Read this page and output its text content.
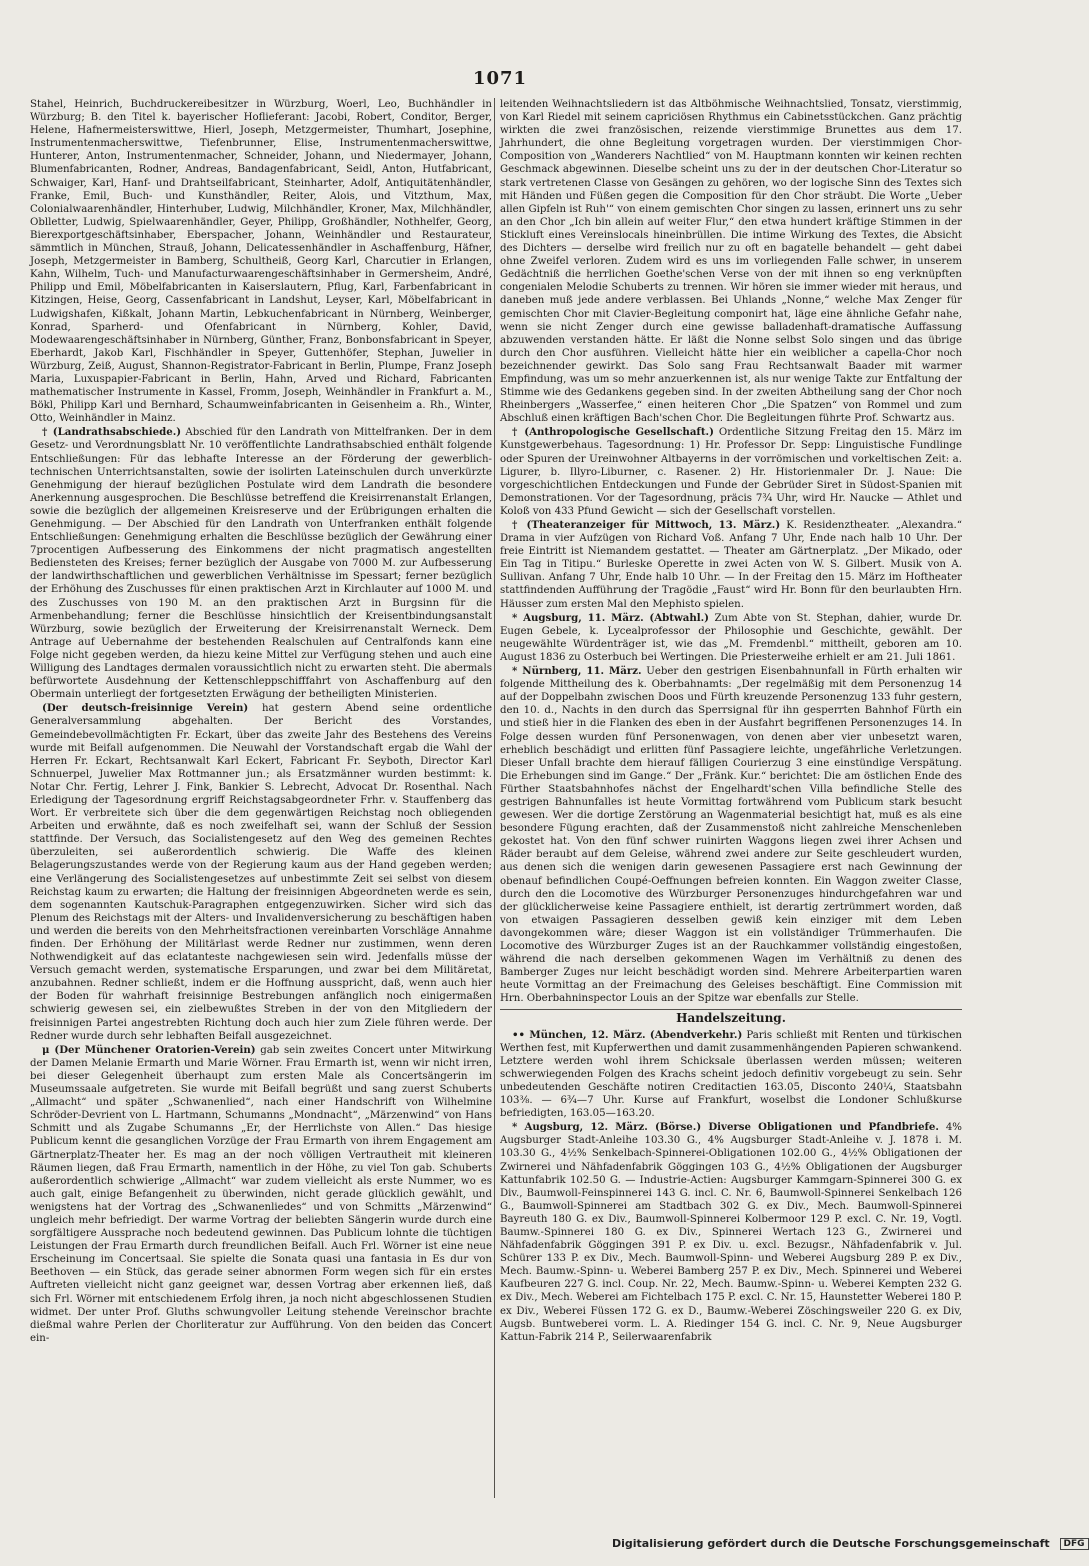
1071

Stahel, Heinrich, Buchdruckereibesitzer in Würzburg, Woerl, Leo, Buchhändler in Würzburg; B. den Titel k. bayerischer Hoflieferant: Jacobi, Robert, Conditor, Berger, Helene, Hafnermeisterswittwe, Hierl, Joseph, Metzgermeister, Thumhart, Josephine, Instrumentenmacherswittwe, Tiefenbrunner, Elise, Instrumentenmacherswittwe, Hunterer, Anton, Instrumentenmacher, Schneider, Johann, und Niedermayer, Johann, Blumenfabricanten, Rodner, Andreas, Bandagenfabricant, Seidl, Anton, Hutfabricant, Schwaiger, Karl, Hanf- und Drahtseilfabricant, Steinharter, Adolf, Antiquitätenhändler, Franke, Emil, Buch- und Kunsthändler, Reiter, Alois, und Vitzthum, Max, Colonialwaarenhändler, Hinterhuber, Ludwig, Milchhändler, Kroner, Max, Milchhändler, Oblletter, Ludwig, Spielwaarenhändler, Geyer, Philipp, Großhändler, Nothhelfer, Georg, Bierexportgeschäftsinhaber, Eberspacher, Johann, Weinhändler und Restaurateur, sämmtlich in München, Strauß, Johann, Delicatessenhändler in Aschaffenburg, Häfner, Joseph, Metzgermeister in Bamberg, Schultheiß, Georg Karl, Charcutier in Erlangen, Kahn, Wilhelm, Tuch- und Manufacturwaarengeschäftsinhaber in Germersheim, André, Philipp und Emil, Möbelfabricanten in Kaiserslautern, Pflug, Karl, Farbenfabricant in Kitzingen, Heise, Georg, Cassenfabricant in Landshut, Leyser, Karl, Möbelfabricant in Ludwigshafen, Kißkalt, Johann Martin, Lebkuchenfabricant in Nürnberg, Weinberger, Konrad, Sparherd- und Ofenfabricant in Nürnberg, Kohler, David, Modewaarengeschäftsinhaber in Nürnberg, Günther, Franz, Bonbonsfabricant in Speyer, Eberhardt, Jakob Karl, Fischhändler in Speyer, Guttenhöfer, Stephan, Juwelier in Würzburg, Zeiß, August, Shannon-Registrator-Fabricant in Berlin, Plumpe, Franz Joseph Maria, Luxuspapier-Fabricant in Berlin, Hahn, Arved und Richard, Fabricanten mathematischer Instrumente in Kassel, Fromm, Joseph, Weinhändler in Frankfurt a. M., Bökl, Philipp Karl und Bernhard, Schaumweinfabricanten in Geisenheim a. Rh., Winter, Otto, Weinhändler in Mainz.

† (Landrathsabschiede.) Abschied für den Landrath von Mittelfranken. Der in dem Gesetz- und Verordnungsblatt Nr. 10 veröffentlichte Landrathsabschied enthält folgende Entschließungen: Für das lebhafte Interesse an der Förderung der gewerblich-technischen Unterrichtsanstalten, sowie der isolirten Lateinschulen durch unverkürzte Genehmigung der hierauf bezüglichen Postulate wird dem Landrath die besondere Anerkennung ausgesprochen. Die Beschlüsse betreffend die Kreisirrenanstalt Erlangen, sowie die bezüglich der allgemeinen Kreisreserve und der Erübrigungen erhalten die Genehmigung. — Der Abschied für den Landrath von Unterfranken enthält folgende Entschließungen: Genehmigung erhalten die Beschlüsse bezüglich der Gewährung einer 7procentigen Aufbesserung des Einkommens der nicht pragmatisch angestellten Bediensteten des Kreises; ferner bezüglich der Ausgabe von 7000 M. zur Aufbesserung der landwirthschaftlichen und gewerblichen Verhältnisse im Spessart; ferner bezüglich der Erhöhung des Zuschusses für einen praktischen Arzt in Kirchlauter auf 1000 M. und des Zuschusses von 190 M. an den praktischen Arzt in Burgsinn für die Armenbehandlung; ferner die Beschlüsse hinsichtlich der Kreisentbindungsanstalt Würzburg, sowie bezüglich der Erweiterung der Kreisirrenanstalt Werneck. Dem Antrage auf Uebernahme der bestehenden Realschulen auf Centralfonds kann eine Folge nicht gegeben werden, da hiezu keine Mittel zur Verfügung stehen und auch eine Willigung des Landtages dermalen voraussichtlich nicht zu erwarten steht. Die abermals befürwortete Ausdehnung der Kettenschleppschifffahrt von Aschaffenburg auf den Obermain unterliegt der fortgesetzten Erwägung der betheiligten Ministerien.

(Der deutsch-freisinnige Verein) hat gestern Abend seine ordentliche Generalversammlung abgehalten. Der Bericht des Vorstandes, Gemeindebevollmächtigten Fr. Eckart, über das zweite Jahr des Bestehens des Vereins wurde mit Beifall aufgenommen. Die Neuwahl der Vorstandschaft ergab die Wahl der Herren Fr. Eckart, Rechtsanwalt Karl Eckert, Fabricant Fr. Seyboth, Director Karl Schnuerpel, Juwelier Max Rottmanner jun.; als Ersatzmänner wurden bestimmt: k. Notar Chr. Fertig, Lehrer J. Fink, Bankier S. Lebrecht, Advocat Dr. Rosenthal. Nach Erledigung der Tagesordnung ergriff Reichstagsabgeordneter Frhr. v. Stauffenberg das Wort. Er verbreitete sich über die dem gegenwärtigen Reichstag noch obliegenden Arbeiten und erwähnte, daß es noch zweifelhaft sei, wann der Schluß der Session stattfinde. Der Versuch, das Socialistengesetz auf den Weg des gemeinen Rechtes überzuleiten, sei außerordentlich schwierig. Die Waffe des kleinen Belagerungszustandes werde von der Regierung kaum aus der Hand gegeben werden; eine Verlängerung des Socialistengesetzes auf unbestimmte Zeit sei selbst von diesem Reichstag kaum zu erwarten; die Haltung der freisinnigen Abgeordneten werde es sein, dem sogenannten Kautschuk-Paragraphen entgegenzuwirken. Sicher wird sich das Plenum des Reichstags mit der Alters- und Invalidenversicherung zu beschäftigen haben und werden die bereits von den Mehrheitsfractionen vereinbarten Vorschläge Annahme finden. Der Erhöhung der Militärlast werde Redner nur zustimmen, wenn deren Nothwendigkeit auf das eclatanteste nachgewiesen sein wird. Jedenfalls müsse der Versuch gemacht werden, systematische Ersparungen, und zwar bei dem Militäretat, anzubahnen. Redner schließt, indem er die Hoffnung ausspricht, daß, wenn auch hier der Boden für wahrhaft freisinnige Bestrebungen anfänglich noch einigermaßen schwierig gewesen sei, ein zielbewußtes Streben in der von den Mitgliedern der freisinnigen Partei angestrebten Richtung doch auch hier zum Ziele führen werde. Der Redner wurde durch sehr lebhaften Beifall ausgezeichnet.

μ (Der Münchener Oratorien-Verein) gab sein zweites Concert unter Mitwirkung der Damen Melanie Ermarth und Marie Wörner. Frau Ermarth ist, wenn wir nicht irren, bei dieser Gelegenheit überhaupt zum ersten Male als Concertsängerin im Museumssaale aufgetreten. Sie wurde mit Beifall begrüßt und sang zuerst Schuberts „Allmacht“ und später „Schwanenlied“, nach einer Handschrift von Wilhelmine Schröder-Devrient von L. Hartmann, Schumanns „Mondnacht“, „Märzenwind“ von Hans Schmitt und als Zugabe Schumanns „Er, der Herrlichste von Allen.“ Das hiesige Publicum kennt die gesanglichen Vorzüge der Frau Ermarth von ihrem Engagement am Gärtnerplatz-Theater her. Es mag an der noch völligen Vertrautheit mit kleineren Räumen liegen, daß Frau Ermarth, namentlich in der Höhe, zu viel Ton gab. Schuberts außerordentlich schwierige „Allmacht“ war zudem vielleicht als erste Nummer, wo es auch galt, einige Befangenheit zu überwinden, nicht gerade glücklich gewählt, und wenigstens hat der Vortrag des „Schwanenliedes“ und von Schmitts „Märzenwind“ ungleich mehr befriedigt. Der warme Vortrag der beliebten Sängerin wurde durch eine sorgfältigere Aussprache noch bedeutend gewinnen. Das Publicum lohnte die tüchtigen Leistungen der Frau Ermarth durch freundlichen Beifall. Auch Frl. Wörner ist eine neue Erscheinung im Concertsaal. Sie spielte die Sonata quasi una fantasia in Es dur von Beethoven — ein Stück, das gerade seiner abnormen Form wegen sich für ein erstes Auftreten vielleicht nicht ganz geeignet war, dessen Vortrag aber erkennen ließ, daß sich Frl. Wörner mit entschiedenem Erfolg ihren, ja noch nicht abgeschlossenen Studien widmet. Der unter Prof. Gluths schwungvoller Leitung stehende Vereinschor brachte dießmal wahre Perlen der Chorliteratur zur Aufführung. Von den beiden das Concert ein-

leitenden Weihnachtsliedern ist das Altböhmische Weihnachtslied, Tonsatz, vierstimmig, von Karl Riedel mit seinem capriciösen Rhythmus ein Cabinetsstückchen. Ganz prächtig wirkten die zwei französischen, reizende vierstimmige Brunettes aus dem 17. Jahrhundert, die ohne Begleitung vorgetragen wurden. Der vierstimmigen Chor-Composition von „Wanderers Nachtlied“ von M. Hauptmann konnten wir keinen rechten Geschmack abgewinnen. Dieselbe scheint uns zu der in der deutschen Chor-Literatur so stark vertretenen Classe von Gesängen zu gehören, wo der logische Sinn des Textes sich mit Händen und Füßen gegen die Composition für den Chor sträubt. Die Worte „Ueber allen Gipfeln ist Ruh'“ von einem gemischten Chor singen zu lassen, erinnert uns zu sehr an den Chor „Ich bin allein auf weiter Flur,“ den etwa hundert kräftige Stimmen in der Stickluft eines Vereinslocals hineinbrüllen. Die intime Wirkung des Textes, die Absicht des Dichters — derselbe wird freilich nur zu oft en bagatelle behandelt — geht dabei ohne Zweifel verloren. Zudem wird es uns im vorliegenden Falle schwer, in unserem Gedächtniß die herrlichen Goethe'schen Verse von der mit ihnen so eng verknüpften congenialen Melodie Schuberts zu trennen. Wir hören sie immer wieder mit heraus, und daneben muß jede andere verblassen. Bei Uhlands „Nonne,“ welche Max Zenger für gemischten Chor mit Clavier-Begleitung componirt hat, läge eine ähnliche Gefahr nahe, wenn sie nicht Zenger durch eine gewisse balladenhaft-dramatische Auffassung abzuwenden verstanden hätte. Er läßt die Nonne selbst Solo singen und das übrige durch den Chor ausführen. Vielleicht hätte hier ein weiblicher a capella-Chor noch bezeichnender gewirkt. Das Solo sang Frau Rechtsanwalt Baader mit warmer Empfindung, was um so mehr anzuerkennen ist, als nur wenige Takte zur Entfaltung der Stimme wie des Gedankens gegeben sind. In der zweiten Abtheilung sang der Chor noch Rheinbergers „Wasserfee,“ einen heiteren Chor „Die Spatzen“ von Rommel und zum Abschluß einen kräftigen Bach'schen Chor. Die Begleitungen führte Prof. Schwartz aus.

† (Anthropologische Gesellschaft.) Ordentliche Sitzung Freitag den 15. März im Kunstgewerbehaus. Tagesordnung: 1) Hr. Professor Dr. Sepp: Linguistische Fundlinge oder Spuren der Ureinwohner Altbayerns in der vorrömischen und vorkeltischen Zeit: a. Ligurer, b. Illyro-Liburner, c. Rasener. 2) Hr. Historienmaler Dr. J. Naue: Die vorgeschichtlichen Entdeckungen und Funde der Gebrüder Siret in Südost-Spanien mit Demonstrationen. Vor der Tagesordnung, präcis 7¾ Uhr, wird Hr. Naucke — Athlet und Koloß von 433 Pfund Gewicht — sich der Gesellschaft vorstellen.

† (Theateranzeiger für Mittwoch, 13. März.) K. Residenztheater. „Alexandra.“ Drama in vier Aufzügen von Richard Voß. Anfang 7 Uhr, Ende nach halb 10 Uhr. Der freie Eintritt ist Niemandem gestattet. — Theater am Gärtnerplatz. „Der Mikado, oder Ein Tag in Titipu.“ Burleske Operette in zwei Acten von W. S. Gilbert. Musik von A. Sullivan. Anfang 7 Uhr, Ende halb 10 Uhr. — In der Freitag den 15. März im Hoftheater stattfindenden Aufführung der Tragödie „Faust“ wird Hr. Bonn für den beurlaubten Hrn. Häusser zum ersten Mal den Mephisto spielen.

* Augsburg, 11. März. (Abtwahl.) Zum Abte von St. Stephan, dahier, wurde Dr. Eugen Gebele, k. Lycealprofessor der Philosophie und Geschichte, gewählt. Der neugewählte Würdenträger ist, wie das „M. Fremdenbl.“ mittheilt, geboren am 10. August 1836 zu Osterbuch bei Wertingen. Die Priesterweihe erhielt er am 21. Juli 1861.

* Nürnberg, 11. März. Ueber den gestrigen Eisenbahnunfall in Fürth erhalten wir folgende Mittheilung des k. Oberbahnamts: „Der regelmäßig mit dem Personenzug 14 auf der Doppelbahn zwischen Doos und Fürth kreuzende Personenzug 133 fuhr gestern, den 10. d., Nachts in den durch das Sperrsignal für ihn gesperrten Bahnhof Fürth ein und stieß hier in die Flanken des eben in der Ausfahrt begriffenen Personenzuges 14. In Folge dessen wurden fünf Personenwagen, von denen aber vier unbesetzt waren, erheblich beschädigt und erlitten fünf Passagiere leichte, ungefährliche Verletzungen. Dieser Unfall brachte dem hierauf fälligen Courierzug 3 eine einstündige Verspätung. Die Erhebungen sind im Gange.“ Der „Fränk. Kur.“ berichtet: Die am östlichen Ende des Fürther Staatsbahnhofes nächst der Engelhardt'schen Villa befindliche Stelle des gestrigen Bahnunfalles ist heute Vormittag fortwährend vom Publicum stark besucht gewesen. Wer die dortige Zerstörung an Wagenmaterial besichtigt hat, muß es als eine besondere Fügung erachten, daß der Zusammenstoß nicht zahlreiche Menschenleben gekostet hat. Von den fünf schwer ruinirten Waggons liegen zwei ihrer Achsen und Räder beraubt auf dem Geleise, während zwei andere zur Seite geschleudert wurden, aus denen sich die wenigen darin gewesenen Passagiere erst nach Gewinnung der obenauf befindlichen Coupé-Oeffnungen befreien konnten. Ein Waggon zweiter Classe, durch den die Locomotive des Würzburger Personenzuges hindurchgefahren war und der glücklicherweise keine Passagiere enthielt, ist derartig zertrümmert worden, daß von etwaigen Passagieren desselben gewiß kein einziger mit dem Leben davongekommen wäre; dieser Waggon ist ein vollständiger Trümmerhaufen. Die Locomotive des Würzburger Zuges ist an der Rauchkammer vollständig eingestoßen, während die nach derselben gekommenen Wagen im Verhältniß zu denen des Bamberger Zuges nur leicht beschädigt worden sind. Mehrere Arbeiterpartien waren heute Vormittag an der Freimachung des Geleises beschäftigt. Eine Commission mit Hrn. Oberbahninspector Louis an der Spitze war ebenfalls zur Stelle.

Handelszeitung.

•• München, 12. März. (Abendverkehr.) Paris schließt mit Renten und türkischen Werthen fest, mit Kupferwerthen und damit zusammenhängenden Papieren schwankend. Letztere werden wohl ihrem Schicksale überlassen werden müssen; weiteren schwerwiegenden Folgen des Krachs scheint jedoch definitiv vorgebeugt zu sein. Sehr unbedeutenden Geschäfte notiren Creditactien 163.05, Disconto 240¼, Staatsbahn 103⅜. — 6¾—7 Uhr. Kurse auf Frankfurt, woselbst die Londoner Schlußkurse befriedigten, 163.05—163.20.

* Augsburg, 12. März. (Börse.) Diverse Obligationen und Pfandbriefe. 4% Augsburger Stadt-Anleihe 103.30 G., 4% Augsburger Stadt-Anleihe v. J. 1878 i. M. 103.30 G., 4½% Senkelbach-Spinnerei-Obligationen 102.00 G., 4½% Obligationen der Zwirnerei und Nähfadenfabrik Göggingen 103 G., 4½% Obligationen der Augsburger Kattunfabrik 102.50 G. — Industrie-Actien: Augsburger Kammgarn-Spinnerei 300 G. ex Div., Baumwoll-Feinspinnerei 143 G. incl. C. Nr. 6, Baumwoll-Spinnerei Senkelbach 126 G., Baumwoll-Spinnerei am Stadtbach 302 G. ex Div., Mech. Baumwoll-Spinnerei Bayreuth 180 G. ex Div., Baumwoll-Spinnerei Kolbermoor 129 P. excl. C. Nr. 19, Vogtl. Baumw.-Spinnerei 180 G. ex Div., Spinnerei Wertach 123 G., Zwirnerei und Nähfadenfabrik Göggingen 391 P. ex Div. u. excl. Bezugsr., Nähfadenfabrik v. Jul. Schürer 133 P. ex Div., Mech. Baumwoll-Spinn- und Weberei Augsburg 289 P. ex Div., Mech. Baumw.-Spinn- u. Weberei Bamberg 257 P. ex Div., Mech. Spinnerei und Weberei Kaufbeuren 227 G. incl. Coup. Nr. 22, Mech. Baumw.-Spinn- u. Weberei Kempten 232 G. ex Div., Mech. Weberei am Fichtelbach 175 P. excl. C. Nr. 15, Haunstetter Weberei 180 P. ex Div., Weberei Füssen 172 G. ex D., Baumw.-Weberei Zöschingsweiler 220 G. ex Div, Augsb. Buntweberei vorm. L. A. Riedinger 154 G. incl. C. Nr. 9, Neue Augsburger Kattun-Fabrik 214 P., Seilerwaarenfabrik

Digitalisierung gefördert durch die Deutsche Forschungsgemeinschaft DFG
